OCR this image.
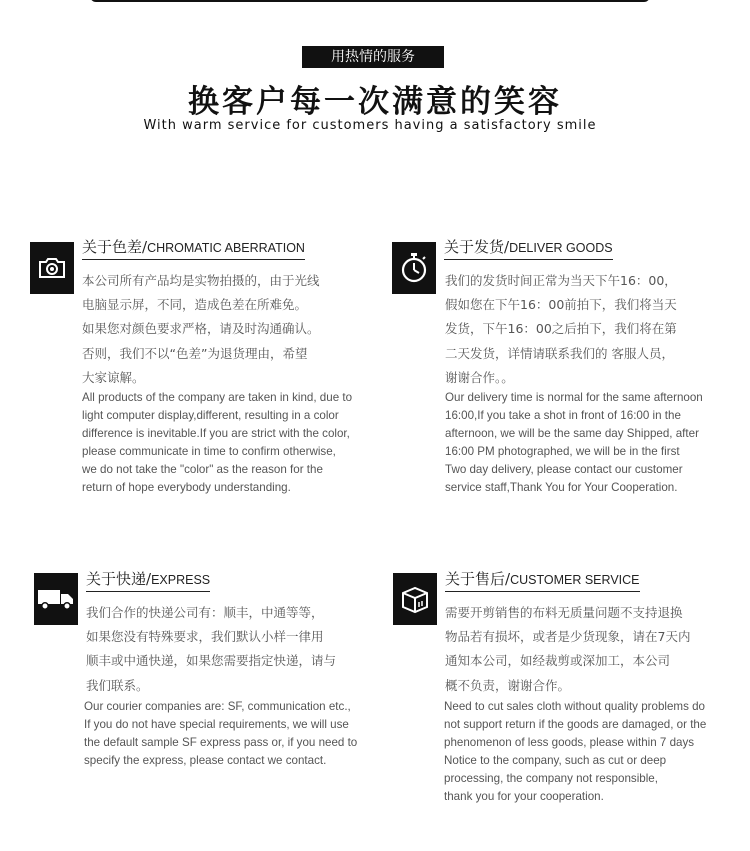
用热情的服务
换客户每一次满意的笑容
With warm service for customers having a satisfactory smile
关于色差/CHROMATIC ABERRATION
本公司所有产品均是实物拍摄的，由于光线
电脑显示屏，不同，造成色差在所难免。
如果您对颜色要求严格，请及时沟通确认。
否则，我们不以“色差”为退货理由，希望
大家谅解。
All products of the company are taken in kind, due to
light computer display,different, resulting in a color
difference is inevitable.If you are strict with the color,
please communicate in time to confirm otherwise,
we do not take the "color" as the reason for the
return of hope everybody understanding.
关于发货/DELIVER GOODS
我们的发货时间正常为当天下午16：00，
假如您在下午16：00前拍下，我们将当天
发货，下午16：00之后拍下，我们将在第
二天发货，详情请联系我们的 客服人员，
谢谢合作。。
Our delivery time is normal for the same afternoon
16:00,If you take a shot in front of 16:00 in the
afternoon, we will be the same day Shipped, after
16:00 PM photographed, we will be in the first
Two day delivery, please contact our customer
service staff,Thank You for Your Cooperation.
关于快递/EXPRESS
我们合作的快递公司有：顺丰，中通等等，
如果您没有特殊要求，我们默认小样一律用
顺丰或中通快递，如果您需要指定快递，请与
我们联系。
Our courier companies are: SF, communication etc.,
If you do not have special requirements, we will use
the default sample SF express pass or, if you need to
specify the express, please contact we contact.
关于售后/CUSTOMER SERVICE
需要开剪销售的布料无质量问题不支持退换
物品若有损坏，或者是少货现象，请在7天内
通知本公司，如经裁剪或深加工，本公司
概不负责，谢谢合作。
Need to cut sales cloth without quality problems do
not support return if the goods are damaged, or the
phenomenon of less goods, please within 7 days
Notice to the company, such as cut or deep
processing, the company not responsible,
thank you for your cooperation.
